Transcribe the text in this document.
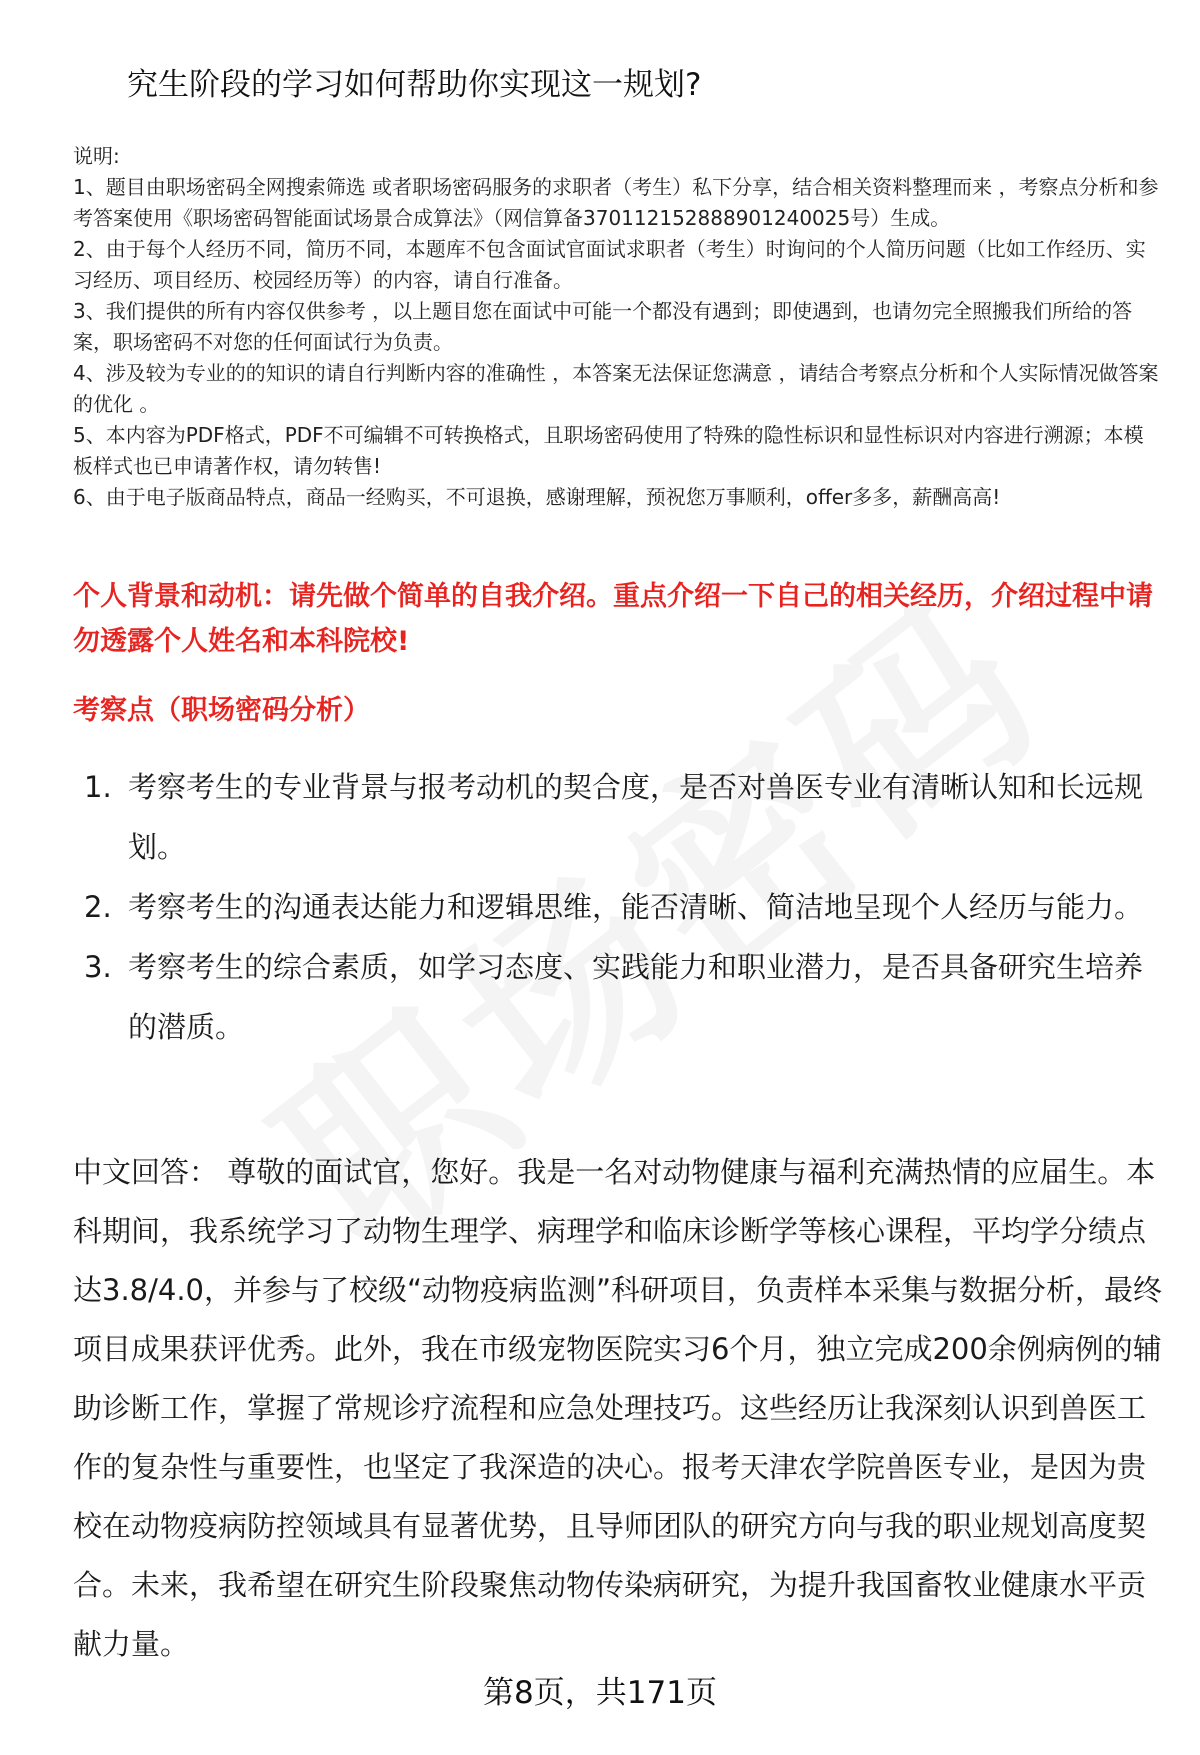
究生阶段的学习如何帮助你实现这一规划?

说明:

1、题目由职场密码全网搜索筛选 或者职场密码服务的求职者（考生）私下分享，结合相关资料整理而来 ，考察点分析和参考答案使用《职场密码智能面试场景合成算法》（网信算备370112152888901240025号）生成。

2、由于每个人经历不同，简历不同，本题库不包含面试官面试求职者（考生）时询问的个人简历问题（比如工作经历、实习经历、项目经历、校园经历等）的内容，请自行准备。

3、我们提供的所有内容仅供参考 ，以上题目您在面试中可能一个都没有遇到；即使遇到，也请勿完全照搬我们所给的答案，职场密码不对您的任何面试行为负责。

4、涉及较为专业的的知识的请自行判断内容的准确性 ，本答案无法保证您满意 ，请结合考察点分析和个人实际情况做答案的优化 。

5、本内容为PDF格式，PDF不可编辑不可转换格式，且职场密码使用了特殊的隐性标识和显性标识对内容进行溯源；本模板样式也已申请著作权，请勿转售!

6、由于电子版商品特点，商品一经购买，不可退换，感谢理解，预祝您万事顺利，offer多多，薪酬高高!

个人背景和动机：请先做个简单的自我介绍。重点介绍一下自己的相关经历，介绍过程中请勿透露个人姓名和本科院校!
考察点（职场密码分析）
1. 考察考生的专业背景与报考动机的契合度，是否对兽医专业有清晰认知和长远规划。
2. 考察考生的沟通表达能力和逻辑思维，能否清晰、简洁地呈现个人经历与能力。
3. 考察考生的综合素质，如学习态度、实践能力和职业潜力，是否具备研究生培养的潜质。
中文回答： 尊敬的面试官，您好。我是一名对动物健康与福利充满热情的应届生。本科期间，我系统学习了动物生理学、病理学和临床诊断学等核心课程，平均学分绩点达3.8/4.0，并参与了校级“动物疫病监测”科研项目，负责样本采集与数据分析，最终项目成果获评优秀。此外，我在市级宠物医院实习6个月，独立完成200余例病例的辅助诊断工作，掌握了常规诊疗流程和应急处理技巧。这些经历让我深刻认识到兽医工作的复杂性与重要性，也坚定了我深造的决心。报考天津农学院兽医专业，是因为贵校在动物疫病防控领域具有显著优势，且导师团队的研究方向与我的职业规划高度契合。未来，我希望在研究生阶段聚焦动物传染病研究，为提升我国畜牧业健康水平贡献力量。
第8页，共171页
